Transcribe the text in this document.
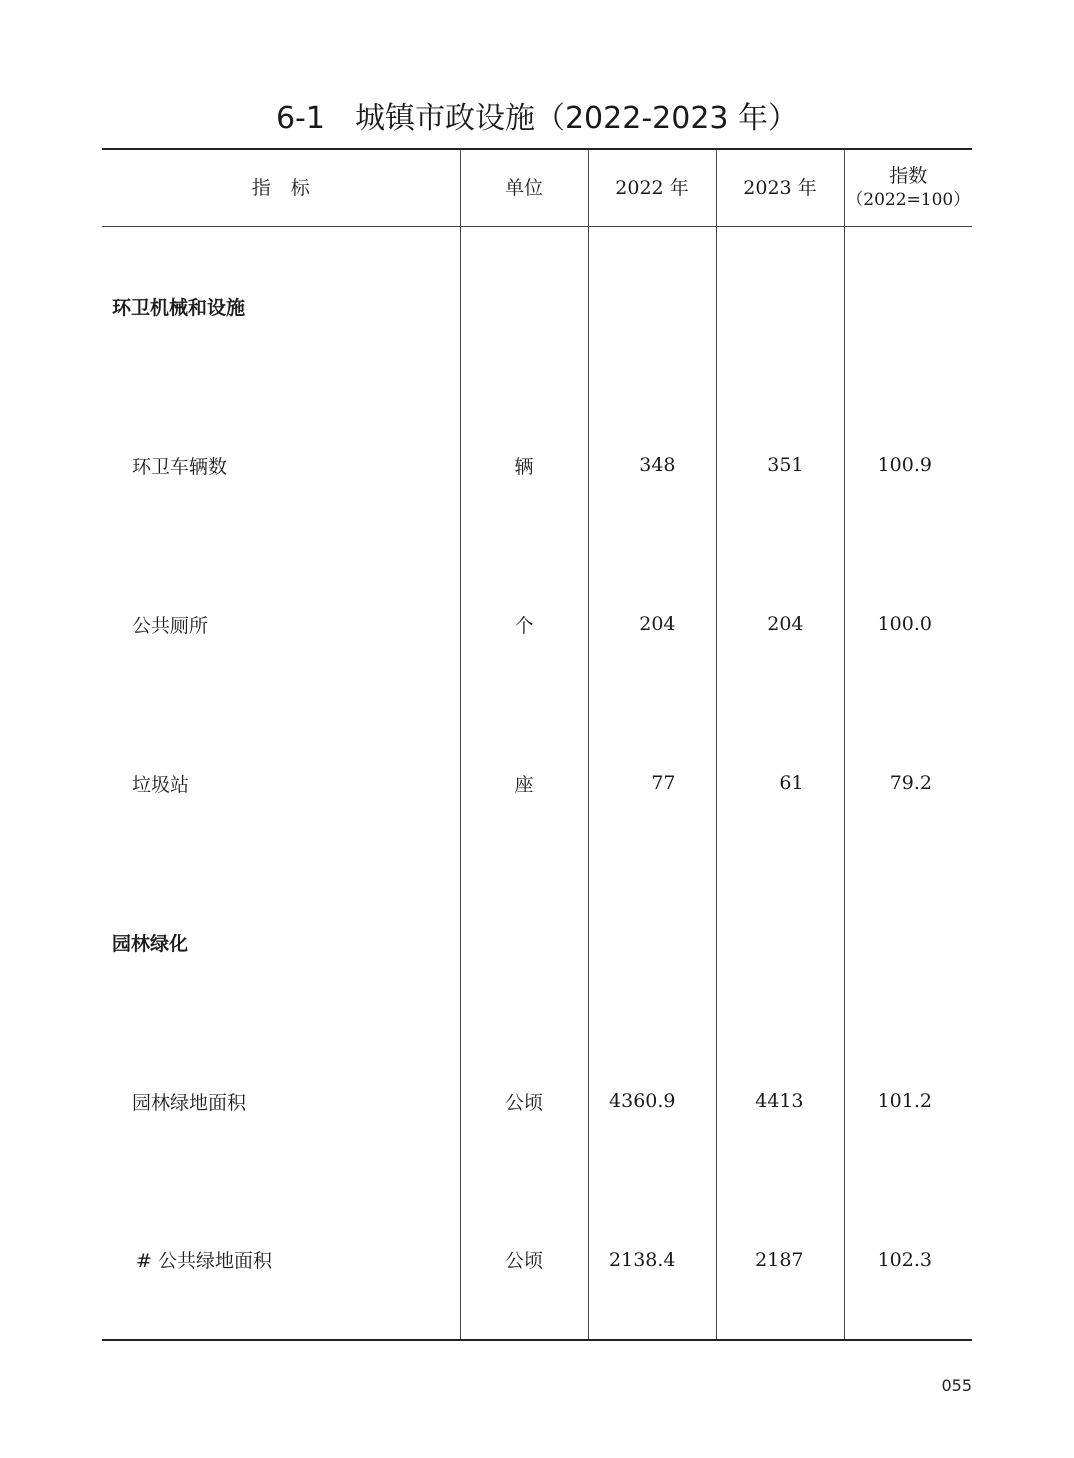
6-1 城镇市政设施（2022-2023 年）
指标	单位	2022 年	2023 年	指数
（2022=100）

环卫机械和设施				
环卫车辆数	辆	348	351	100.9
公共厕所	个	204	204	100.0
垃圾站	座	77	61	79.2
园林绿化				
园林绿地面积	公顷	4360.9	4413	101.2
# 公共绿地面积	公顷	2138.4	2187	102.3
055
